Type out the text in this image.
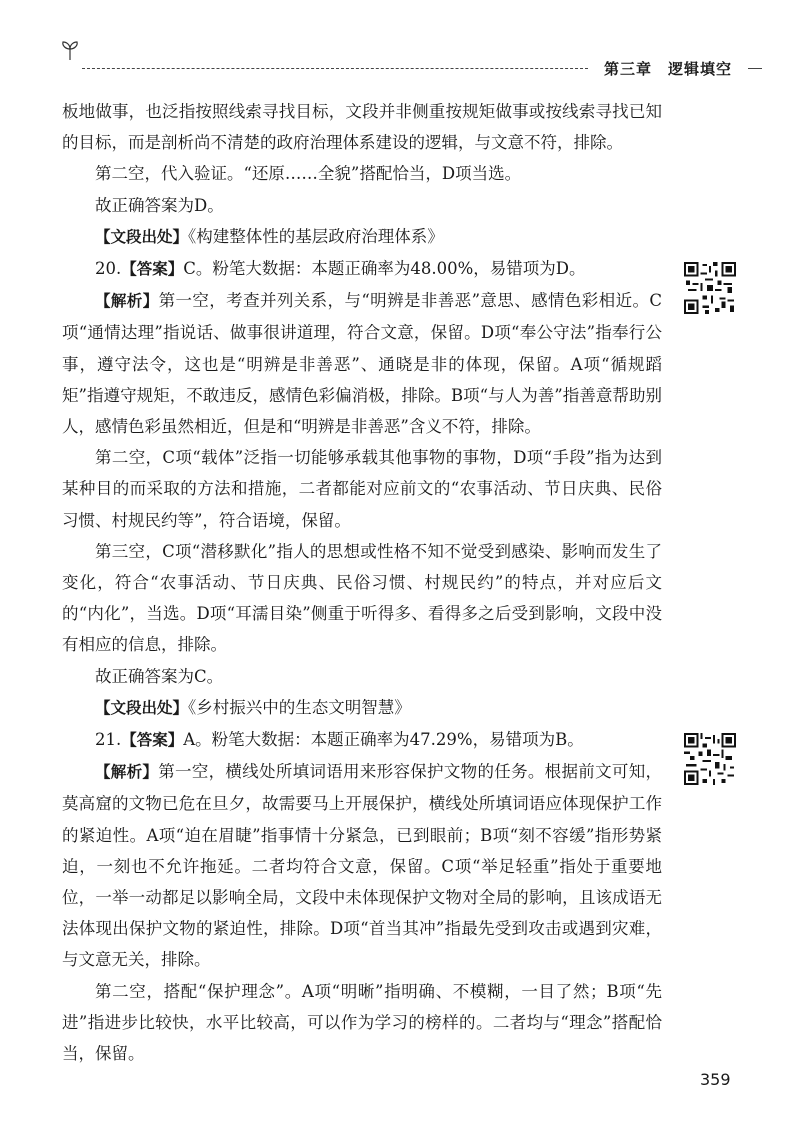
第三章 逻辑填空

板地做事，也泛指按照线索寻找目标，文段并非侧重按规矩做事或按线索寻找已知的目标，而是剖析尚不清楚的政府治理体系建设的逻辑，与文意不符，排除。

第二空，代入验证。“还原……全貌”搭配恰当，D项当选。

故正确答案为D。

【文段出处】《构建整体性的基层政府治理体系》

20.【答案】C。粉笔大数据：本题正确率为48.00%，易错项为D。

【解析】第一空，考查并列关系，与“明辨是非善恶”意思、感情色彩相近。C项“通情达理”指说话、做事很讲道理，符合文意，保留。D项“奉公守法”指奉行公事，遵守法令，这也是“明辨是非善恶”、通晓是非的体现，保留。A项“循规蹈矩”指遵守规矩，不敢违反，感情色彩偏消极，排除。B项“与人为善”指善意帮助别人，感情色彩虽然相近，但是和“明辨是非善恶”含义不符，排除。

第二空，C项“载体”泛指一切能够承载其他事物的事物，D项“手段”指为达到某种目的而采取的方法和措施，二者都能对应前文的“农事活动、节日庆典、民俗习惯、村规民约等”，符合语境，保留。

第三空，C项“潜移默化”指人的思想或性格不知不觉受到感染、影响而发生了变化，符合“农事活动、节日庆典、民俗习惯、村规民约”的特点，并对应后文的“内化”，当选。D项“耳濡目染”侧重于听得多、看得多之后受到影响，文段中没有相应的信息，排除。

故正确答案为C。

【文段出处】《乡村振兴中的生态文明智慧》

21.【答案】A。粉笔大数据：本题正确率为47.29%，易错项为B。

【解析】第一空，横线处所填词语用来形容保护文物的任务。根据前文可知，莫高窟的文物已危在旦夕，故需要马上开展保护，横线处所填词语应体现保护工作的紧迫性。A项“迫在眉睫”指事情十分紧急，已到眼前；B项“刻不容缓”指形势紧迫，一刻也不允许拖延。二者均符合文意，保留。C项“举足轻重”指处于重要地位，一举一动都足以影响全局，文段中未体现保护文物对全局的影响，且该成语无法体现出保护文物的紧迫性，排除。D项“首当其冲”指最先受到攻击或遇到灾难，与文意无关，排除。

第二空，搭配“保护理念”。A项“明晰”指明确、不模糊，一目了然；B项“先进”指进步比较快，水平比较高，可以作为学习的榜样的。二者均与“理念”搭配恰当，保留。

359
